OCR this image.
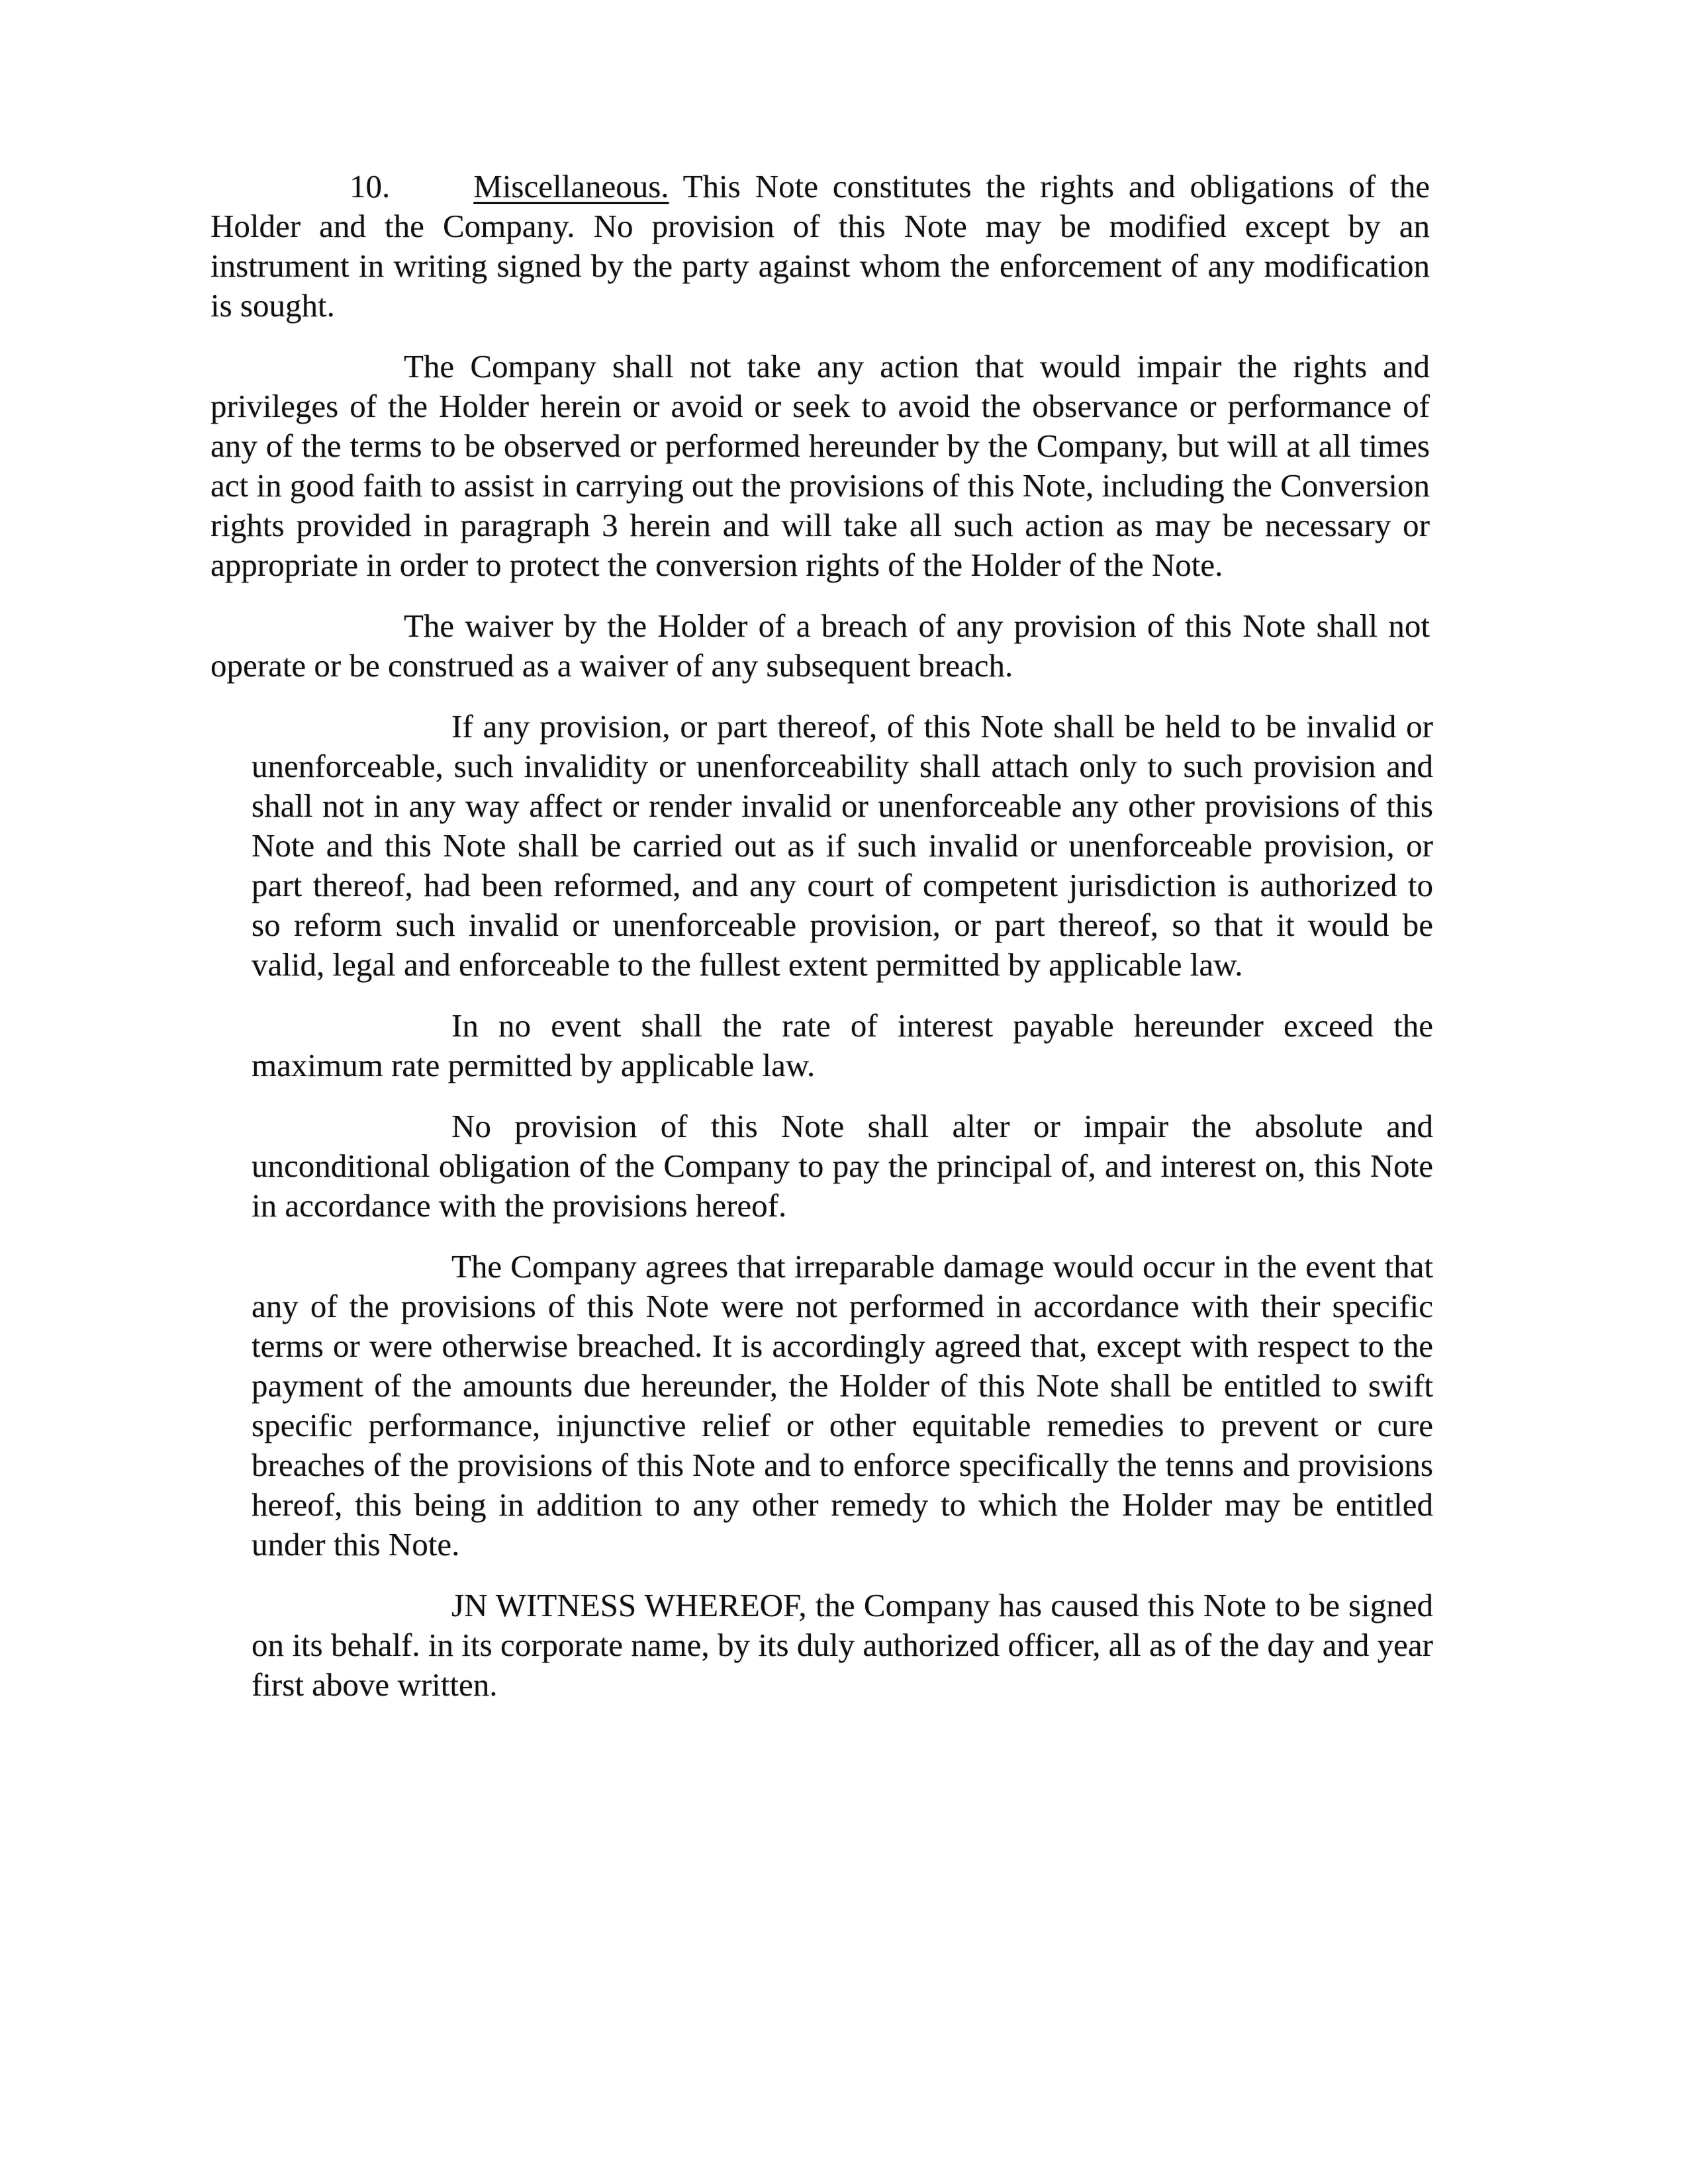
10.	Miscellaneous. This Note constitutes the rights and obligations of the Holder and the Company. No provision of this Note may be modified except by an instrument in writing signed by the party against whom the enforcement of any modification is sought.

The Company shall not take any action that would impair the rights and privileges of the Holder herein or avoid or seek to avoid the observance or performance of any of the terms to be observed or performed hereunder by the Company, but will at all times act in good faith to assist in carrying out the provisions of this Note, including the Conversion rights provided in paragraph 3 herein and will take all such action as may be necessary or appropriate in order to protect the conversion rights of the Holder of the Note.

The waiver by the Holder of a breach of any provision of this Note shall not operate or be construed as a waiver of any subsequent breach.

If any provision, or part thereof, of this Note shall be held to be invalid or unenforceable, such invalidity or unenforceability shall attach only to such provision and shall not in any way affect or render invalid or unenforceable any other provisions of this Note and this Note shall be carried out as if such invalid or unenforceable provision, or part thereof, had been reformed, and any court of competent jurisdiction is authorized to so reform such invalid or unenforceable provision, or part thereof, so that it would be valid, legal and enforceable to the fullest extent permitted by applicable law.

In no event shall the rate of interest payable hereunder exceed the maximum rate permitted by applicable law.

No provision of this Note shall alter or impair the absolute and unconditional obligation of the Company to pay the principal of, and interest on, this Note in accordance with the provisions hereof.

The Company agrees that irreparable damage would occur in the event that any of the provisions of this Note were not performed in accordance with their specific terms or were otherwise breached. It is accordingly agreed that, except with respect to the payment of the amounts due hereunder, the Holder of this Note shall be entitled to swift specific performance, injunctive relief or other equitable remedies to prevent or cure breaches of the provisions of this Note and to enforce specifically the tenns and provisions hereof, this being in addition to any other remedy to which the Holder may be entitled under this Note.

JN WITNESS WHEREOF, the Company has caused this Note to be signed on its behalf. in its corporate name, by its duly authorized officer, all as of the day and year first above written.
